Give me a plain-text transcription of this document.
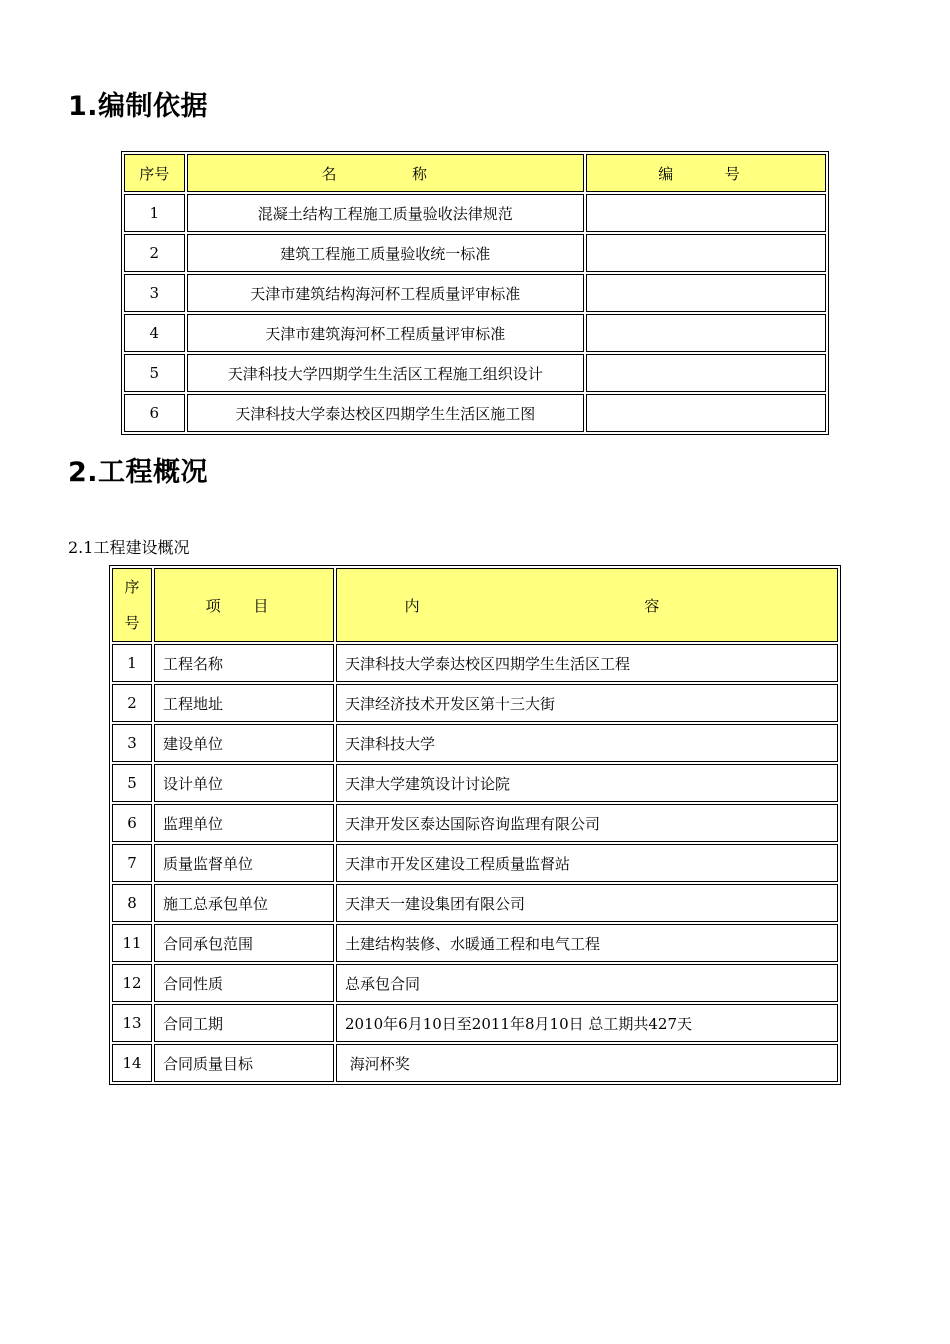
1.编制依据
序号	名  称	编  号
1	混凝土结构工程施工质量验收法律规范	
2	建筑工程施工质量验收统一标准	
3	天津市建筑结构海河杯工程质量评审标准	
4	天津市建筑海河杯工程质量评审标准	
5	天津科技大学四期学生生活区工程施工组织设计	
6	天津科技大学泰达校区四期学生生活区施工图	
2.工程概况
2.1工程建设概况
序
号	项 目	内 容
1	工程名称	天津科技大学泰达校区四期学生生活区工程
2	工程地址	天津经济技术开发区第十三大街
3	建设单位	天津科技大学
5	设计单位	天津大学建筑设计讨论院
6	监理单位	天津开发区泰达国际咨询监理有限公司
7	质量监督单位	天津市开发区建设工程质量监督站
8	施工总承包单位	天津天一建设集团有限公司
11	合同承包范围	土建结构装修、水暖通工程和电气工程
12	合同性质	总承包合同
13	合同工期	2010年6月10日至2011年8月10日 总工期共427天
14	合同质量目标	海河杯奖
